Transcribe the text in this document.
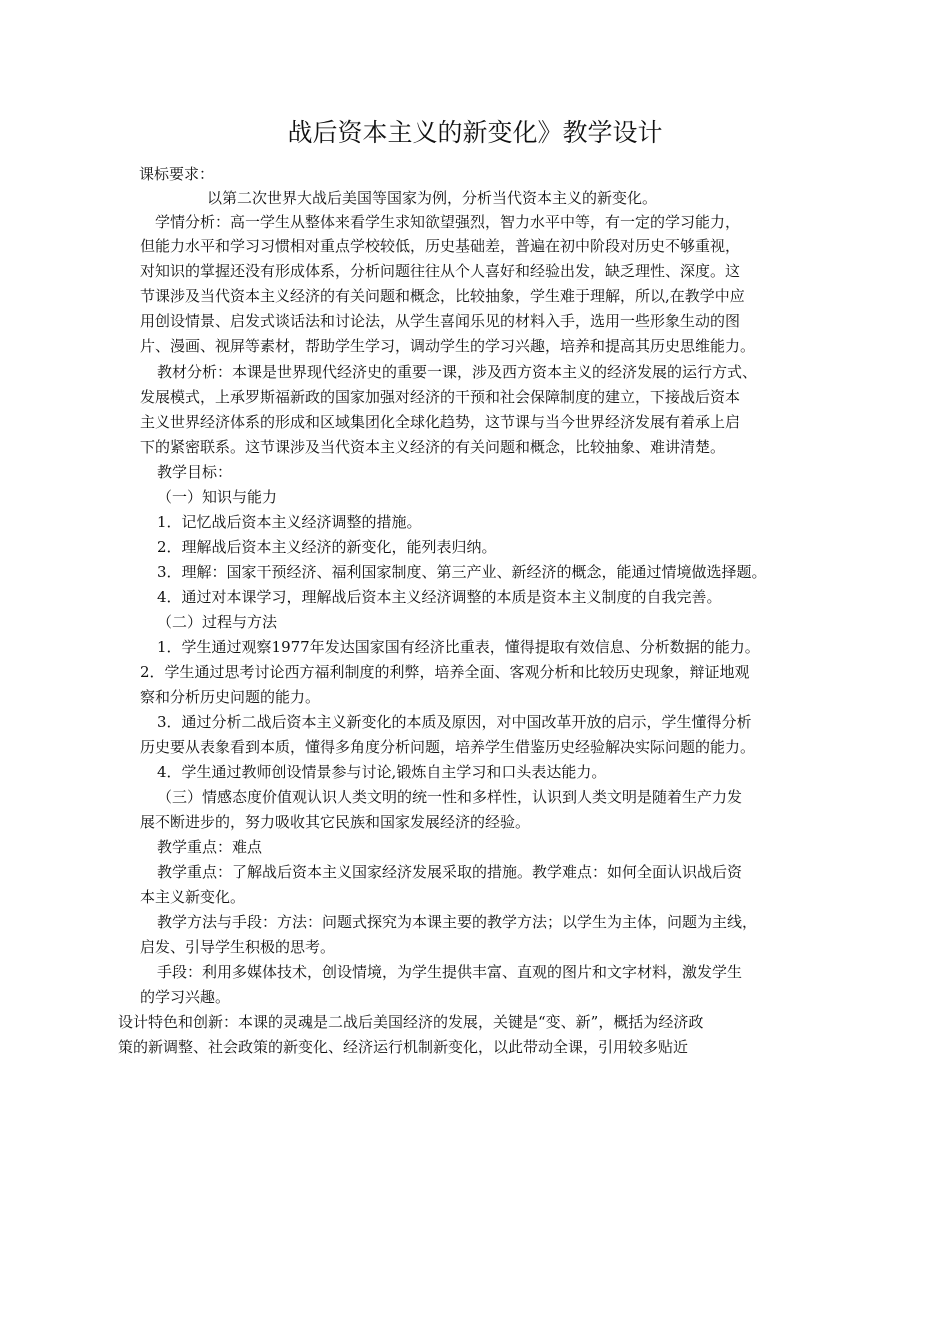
战后资本主义的新变化》教学设计
课标要求：
以第二次世界大战后美国等国家为例，分析当代资本主义的新变化。
学情分析：高一学生从整体来看学生求知欲望强烈，智力水平中等，有一定的学习能力，
但能力水平和学习习惯相对重点学校较低，历史基础差，普遍在初中阶段对历史不够重视，
对知识的掌握还没有形成体系，分析问题往往从个人喜好和经验出发，缺乏理性、深度。这
节课涉及当代资本主义经济的有关问题和概念，比较抽象，学生难于理解，所以,在教学中应
用创设情景、启发式谈话法和讨论法，从学生喜闻乐见的材料入手，选用一些形象生动的图
片、漫画、视屏等素材，帮助学生学习，调动学生的学习兴趣，培养和提高其历史思维能力。
教材分析：本课是世界现代经济史的重要一课，涉及西方资本主义的经济发展的运行方式、
发展模式，上承罗斯福新政的国家加强对经济的干预和社会保障制度的建立，下接战后资本
主义世界经济体系的形成和区域集团化全球化趋势，这节课与当今世界经济发展有着承上启
下的紧密联系。这节课涉及当代资本主义经济的有关问题和概念，比较抽象、难讲清楚。
教学目标：
（一）知识与能力
1．记忆战后资本主义经济调整的措施。
2．理解战后资本主义经济的新变化，能列表归纳。
3．理解：国家干预经济、福利国家制度、第三产业、新经济的概念，能通过情境做选择题。
4．通过对本课学习，理解战后资本主义经济调整的本质是资本主义制度的自我完善。
（二）过程与方法
1．学生通过观察1977年发达国家国有经济比重表，懂得提取有效信息、分析数据的能力。
2．学生通过思考讨论西方福利制度的利弊，培养全面、客观分析和比较历史现象，辩证地观
察和分析历史问题的能力。
3．通过分析二战后资本主义新变化的本质及原因，对中国改革开放的启示，学生懂得分析
历史要从表象看到本质，懂得多角度分析问题，培养学生借鉴历史经验解决实际问题的能力。
4．学生通过教师创设情景参与讨论,锻炼自主学习和口头表达能力。
（三）情感态度价值观认识人类文明的统一性和多样性，认识到人类文明是随着生产力发
展不断进步的，努力吸收其它民族和国家发展经济的经验。
教学重点：难点
教学重点：了解战后资本主义国家经济发展采取的措施。教学难点：如何全面认识战后资
本主义新变化。
教学方法与手段：方法：问题式探究为本课主要的教学方法；以学生为主体，问题为主线，
启发、引导学生积极的思考。
手段：利用多媒体技术，创设情境，为学生提供丰富、直观的图片和文字材料，激发学生
的学习兴趣。
设计特色和创新：本课的灵魂是二战后美国经济的发展，关键是“变、新”，概括为经济政
策的新调整、社会政策的新变化、经济运行机制新变化，以此带动全课，引用较多贴近
